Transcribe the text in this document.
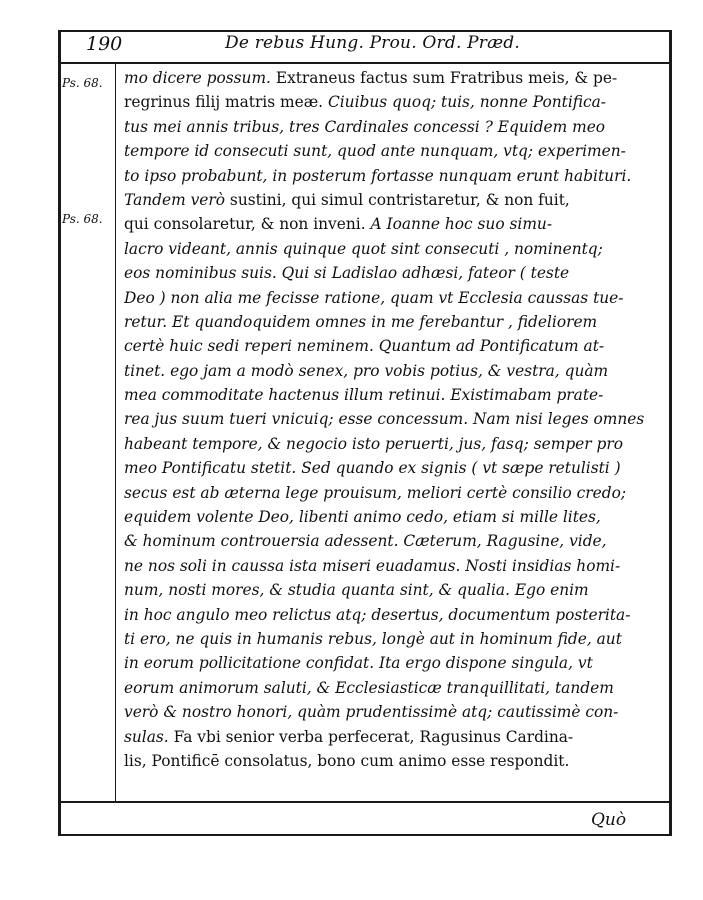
190	De rebus Hung. Prou. Ord. Præd.
Ps. 68.
Ps. 68.
mo dicere possum. Extraneus factus sum Fratribus meis, & pe-
regrinus filij matris meæ. Ciuibus quoq; tuis, nonne Pontifica-
tus mei annis tribus, tres Cardinales concessi ? Equidem meo
tempore id consecuti sunt, quod ante nunquam, vtq; experimen-
to ipso probabunt, in posterum fortasse nunquam erunt habituri.
Tandem verò sustini, qui simul contristaretur, & non fuit,
qui consolaretur, & non inveni. A Ioanne hoc suo simu-
lacro videant, annis quinque quot sint consecuti , nominentq;
eos nominibus suis. Qui si Ladislao adhæsi, fateor ( teste
Deo ) non alia me fecisse ratione, quam vt Ecclesia caussas tue-
retur. Et quandoquidem omnes in me ferebantur , fideliorem
certè huic sedi reperi neminem. Quantum ad Pontificatum at-
tinet. ego jam a modò senex, pro vobis potius, & vestra, quàm
mea commoditate hactenus illum retinui. Existimabam prate-
rea jus suum tueri vnicuiq; esse concessum. Nam nisi leges omnes
habeant tempore, & negocio isto peruerti, jus, fasq; semper pro
meo Pontificatu stetit. Sed quando ex signis ( vt sæpe retulisti )
secus est ab æterna lege prouisum, meliori certè consilio credo;
equidem volente Deo, libenti animo cedo, etiam si mille lites,
& hominum controuersia adessent. Cæterum, Ragusine, vide,
ne nos soli in caussa ista miseri euadamus. Nosti insidias homi-
num, nosti mores, & studia quanta sint, & qualia. Ego enim
in hoc angulo meo relictus atq; desertus, documentum posterita-
ti ero, ne quis in humanis rebus, longè aut in hominum fide, aut
in eorum pollicitatione confidat. Ita ergo dispone singula, vt
eorum animorum saluti, & Ecclesiasticæ tranquillitati, tandem
verò & nostro honori, quàm prudentissimè atq; cautissimè con-
sulas. Fa vbi senior verba perfecerat, Ragusinus Cardina-
lis, Pontificē consolatus, bono cum animo esse respondit.
Quò
